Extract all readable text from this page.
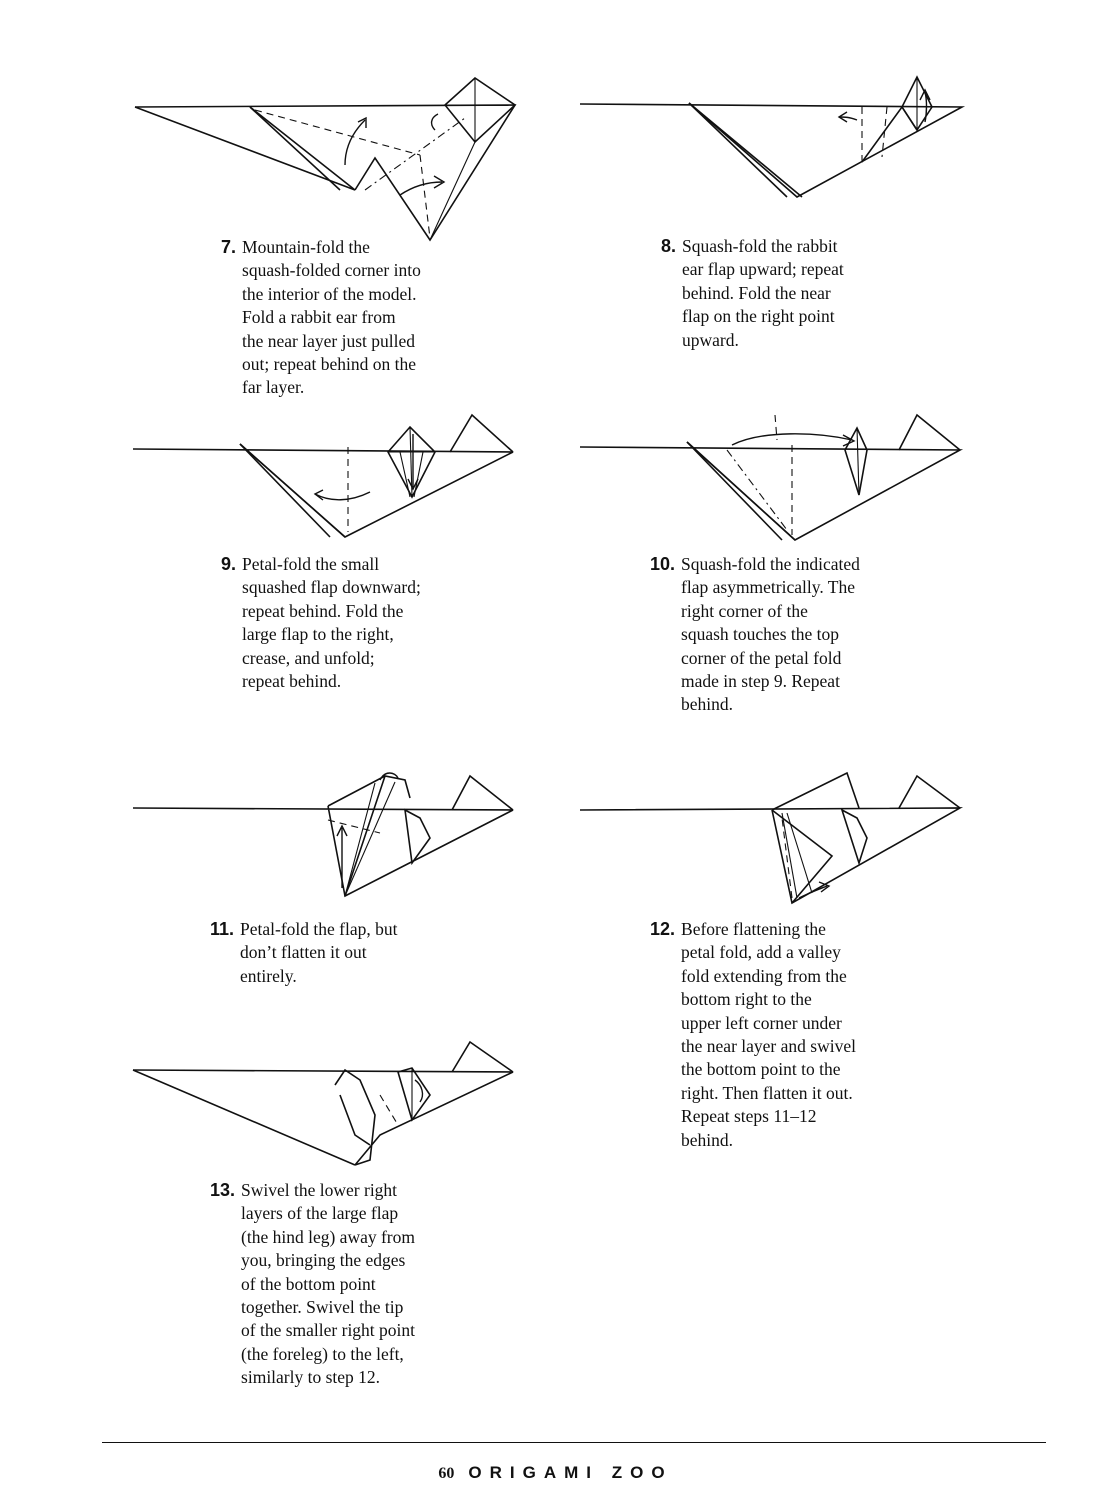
7. Mountain-fold the
squash-folded corner into
the interior of the model.
Fold a rabbit ear from
the near layer just pulled
out; repeat behind on the
far layer.
8. Squash-fold the rabbit
ear flap upward; repeat
behind. Fold the near
flap on the right point
upward.
9. Petal-fold the small
squashed flap downward;
repeat behind. Fold the
large flap to the right,
crease, and unfold;
repeat behind.
10. Squash-fold the indicated
flap asymmetrically. The
right corner of the
squash touches the top
corner of the petal fold
made in step 9. Repeat
behind.
11. Petal-fold the flap, but
don’t flatten it out
entirely.
12. Before flattening the
petal fold, add a valley
fold extending from the
bottom right to the
upper left corner under
the near layer and swivel
the bottom point to the
right. Then flatten it out.
Repeat steps 11–12
behind.
13. Swivel the lower right
layers of the large flap
(the hind leg) away from
you, bringing the edges
of the bottom point
together. Swivel the tip
of the smaller right point
(the foreleg) to the left,
similarly to step 12.
60 ORIGAMI ZOO
